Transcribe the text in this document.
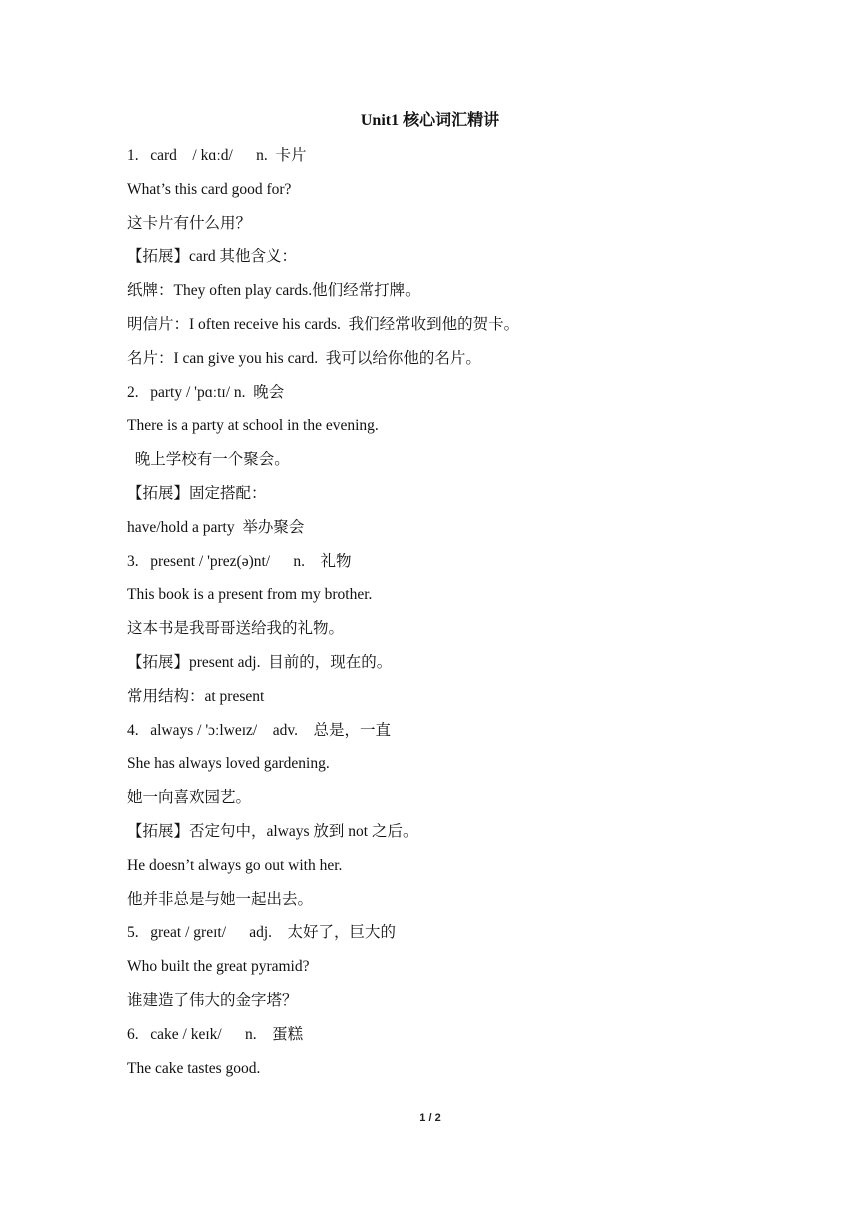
Unit1 核心词汇精讲
1.   card    / kɑːd/      n.  卡片
What’s this card good for?
这卡片有什么用？
【拓展】card 其他含义：
纸牌：They often play cards.他们经常打牌。
明信片：I often receive his cards.  我们经常收到他的贺卡。
名片：I can give you his card.  我可以给你他的名片。
2.   party / 'pɑːtɪ/ n.  晚会
There is a party at school in the evening.
晚上学校有一个聚会。
【拓展】固定搭配：
have/hold a party  举办聚会
3.   present / 'prez(ə)nt/      n.    礼物
This book is a present from my brother.
这本书是我哥哥送给我的礼物。
【拓展】present adj.  目前的，现在的。
常用结构：at present
4.   always / 'ɔːlweɪz/    adv.    总是，一直
She has always loved gardening.
她一向喜欢园艺。
【拓展】否定句中，always 放到 not 之后。
He doesn’t always go out with her.
他并非总是与她一起出去。
5.   great / greɪt/      adj.    太好了，巨大的
Who built the great pyramid?
谁建造了伟大的金字塔？
6.   cake / keɪk/      n.    蛋糕
The cake tastes good.
1 / 2
